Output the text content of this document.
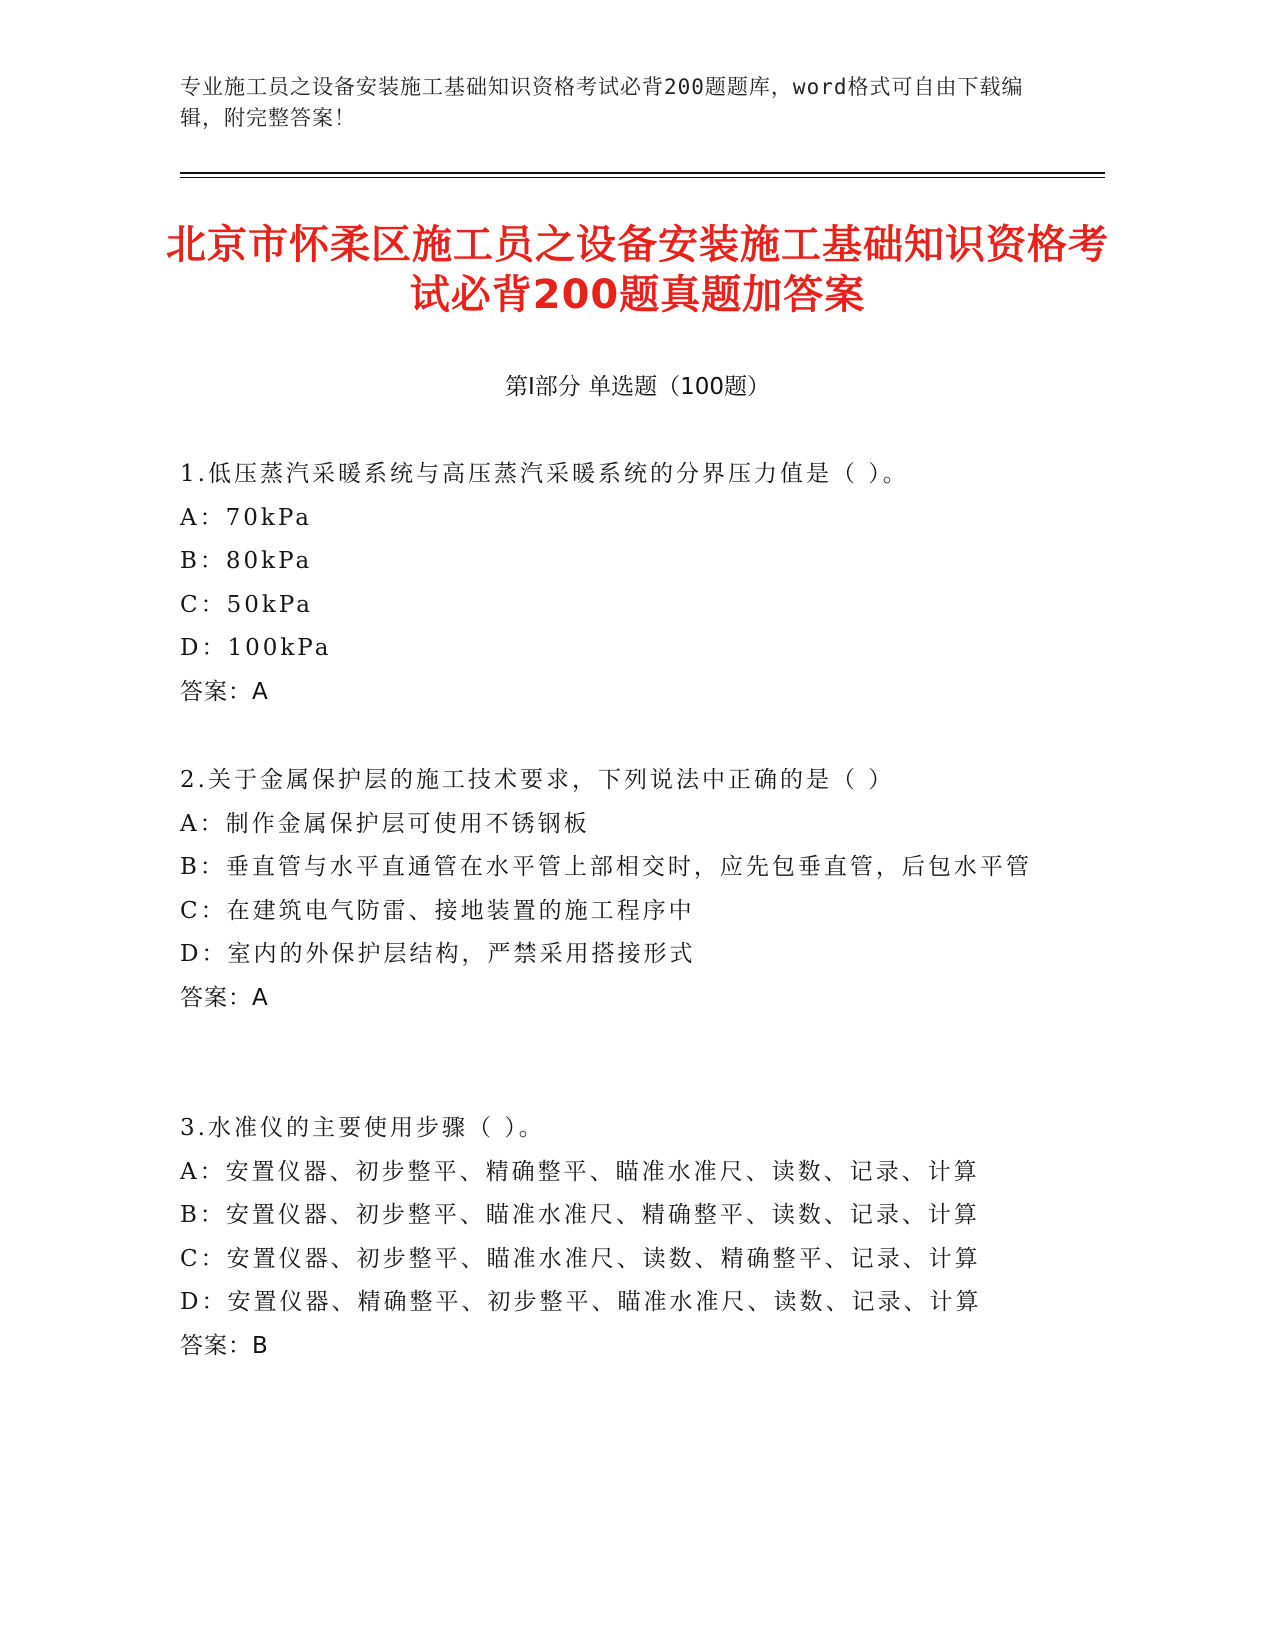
专业施工员之设备安装施工基础知识资格考试必背200题题库，word格式可自由下载编辑，附完整答案！
北京市怀柔区施工员之设备安装施工基础知识资格考试必背200题真题加答案
第Ⅰ部分 单选题（100题）
1.低压蒸汽采暖系统与高压蒸汽采暖系统的分界压力值是（ ）。
A：70kPa
B：80kPa
C：50kPa
D：100kPa
答案：A
2.关于金属保护层的施工技术要求，下列说法中正确的是（ ）
A：制作金属保护层可使用不锈钢板
B：垂直管与水平直通管在水平管上部相交时，应先包垂直管，后包水平管
C：在建筑电气防雷、接地装置的施工程序中
D：室内的外保护层结构，严禁采用搭接形式
答案：A
3.水准仪的主要使用步骤（ ）。
A：安置仪器、初步整平、精确整平、瞄准水准尺、读数、记录、计算
B：安置仪器、初步整平、瞄准水准尺、精确整平、读数、记录、计算
C：安置仪器、初步整平、瞄准水准尺、读数、精确整平、记录、计算
D：安置仪器、精确整平、初步整平、瞄准水准尺、读数、记录、计算
答案：B
